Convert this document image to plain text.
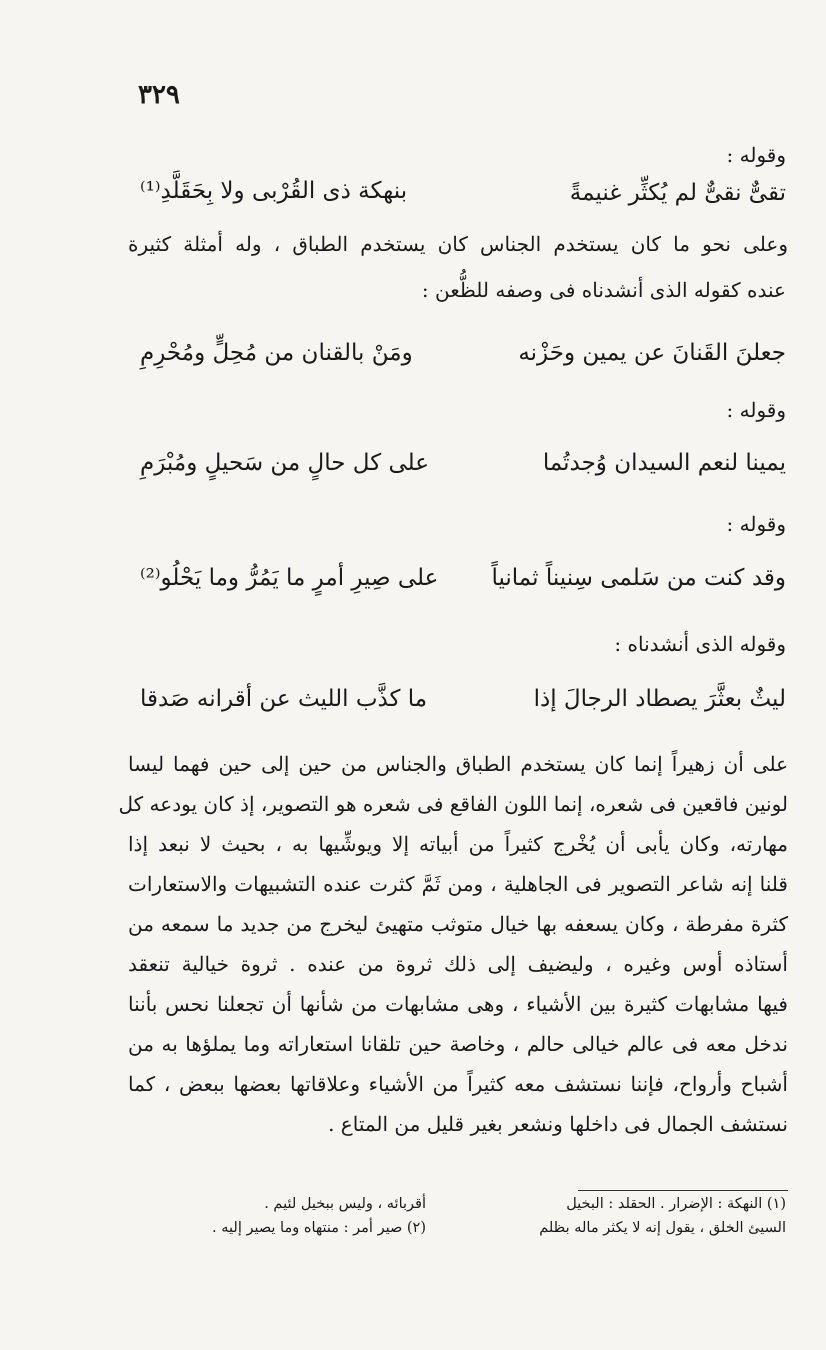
٣٢٩
وقوله :
تقىٌّ نقىٌّ لم يُكثِّر غنيمةً
بنهكة ذى القُرْبى ولا بِحَقَلَّدِ⁽¹⁾
وعلى نحو ما كان يستخدم الجناس كان يستخدم الطباق ، وله أمثلة كثيرة
عنده كقوله الذى أنشدناه فى وصفه للظُّعن :
جعلنَ القَنانَ عن يمين وحَزْنه
ومَنْ بالقنان من مُحِلٍّ ومُحْرِمِ
وقوله :
يمينا لنعم السيدان وُجدتُما
على كل حالٍ من سَحيلٍ ومُبْرَمِ
وقوله :
وقد كنت من سَلمى سِنيناً ثمانياً
على صِيرِ أمرٍ ما يَمُرُّ وما يَحْلُو⁽²⁾
وقوله الذى أنشدناه :
ليثٌ بعثَّرَ يصطاد الرجالَ إذا
ما كذَّب الليث عن أقرانه صَدقا
على أن زهيراً إنما كان يستخدم الطباق والجناس من حين إلى حين فهما ليسا
لونين فاقعين فى شعره، إنما اللون الفاقع فى شعره هو التصوير، إذ كان يودعه كل
مهارته، وكان يأبى أن يُخْرج كثيراً من أبياته إلا ويوشِّيها به ، بحيث لا نبعد إذا
قلنا إنه شاعر التصوير فى الجاهلية ، ومن ثَمَّ كثرت عنده التشبيهات والاستعارات
كثرة مفرطة ، وكان يسعفه بها خيال متوثب متهيئ ليخرج من جديد ما سمعه من
أستاذه أوس وغيره ، وليضيف إلى ذلك ثروة من عنده . ثروة خيالية تنعقد
فيها مشابهات كثيرة بين الأشياء ، وهى مشابهات من شأنها أن تجعلنا نحس بأننا
ندخل معه فى عالم خيالى حالم ، وخاصة حين تلقانا استعاراته وما يملؤها به من
أشباح وأرواح، فإننا نستشف معه كثيراً من الأشياء وعلاقاتها بعضها ببعض ، كما
نستشف الجمال فى داخلها ونشعر بغير قليل من المتاع .
(١) النهكة : الإضرار . الحقلد : البخيل
السيئ الخلق ، يقول إنه لا يكثر ماله بظلم
أقربائه ، وليس ببخيل لئيم .
(٢) صير أمر : منتهاه وما يصير إليه .
